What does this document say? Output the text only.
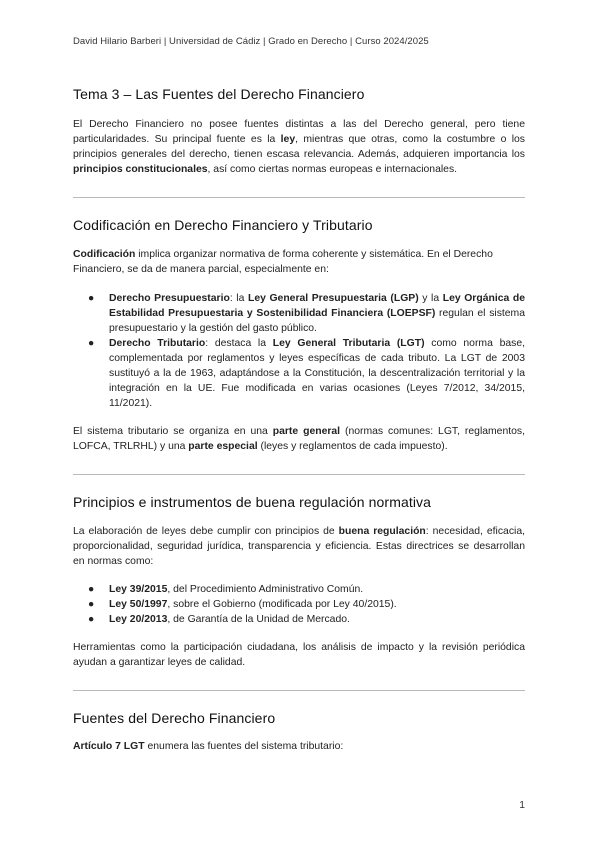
David Hilario Barberi | Universidad de Cádiz | Grado en Derecho | Curso 2024/2025
Tema 3 – Las Fuentes del Derecho Financiero

El Derecho Financiero no posee fuentes distintas a las del Derecho general, pero tiene particularidades. Su principal fuente es la ley, mientras que otras, como la costumbre o los principios generales del derecho, tienen escasa relevancia. Además, adquieren importancia los principios constitucionales, así como ciertas normas europeas e internacionales.

Codificación en Derecho Financiero y Tributario

Codificación implica organizar normativa de forma coherente y sistemática. En el Derecho Financiero, se da de manera parcial, especialmente en:

● Derecho Presupuestario: la Ley General Presupuestaria (LGP) y la Ley Orgánica de Estabilidad Presupuestaria y Sostenibilidad Financiera (LOEPSF) regulan el sistema presupuestario y la gestión del gasto público.
● Derecho Tributario: destaca la Ley General Tributaria (LGT) como norma base, complementada por reglamentos y leyes específicas de cada tributo. La LGT de 2003 sustituyó a la de 1963, adaptándose a la Constitución, la descentralización territorial y la integración en la UE. Fue modificada en varias ocasiones (Leyes 7/2012, 34/2015, 11/2021).

El sistema tributario se organiza en una parte general (normas comunes: LGT, reglamentos, LOFCA, TRLRHL) y una parte especial (leyes y reglamentos de cada impuesto).

Principios e instrumentos de buena regulación normativa

La elaboración de leyes debe cumplir con principios de buena regulación: necesidad, eficacia, proporcionalidad, seguridad jurídica, transparencia y eficiencia. Estas directrices se desarrollan en normas como:

● Ley 39/2015, del Procedimiento Administrativo Común.
● Ley 50/1997, sobre el Gobierno (modificada por Ley 40/2015).
● Ley 20/2013, de Garantía de la Unidad de Mercado.

Herramientas como la participación ciudadana, los análisis de impacto y la revisión periódica ayudan a garantizar leyes de calidad.

Fuentes del Derecho Financiero

Artículo 7 LGT enumera las fuentes del sistema tributario:

1
